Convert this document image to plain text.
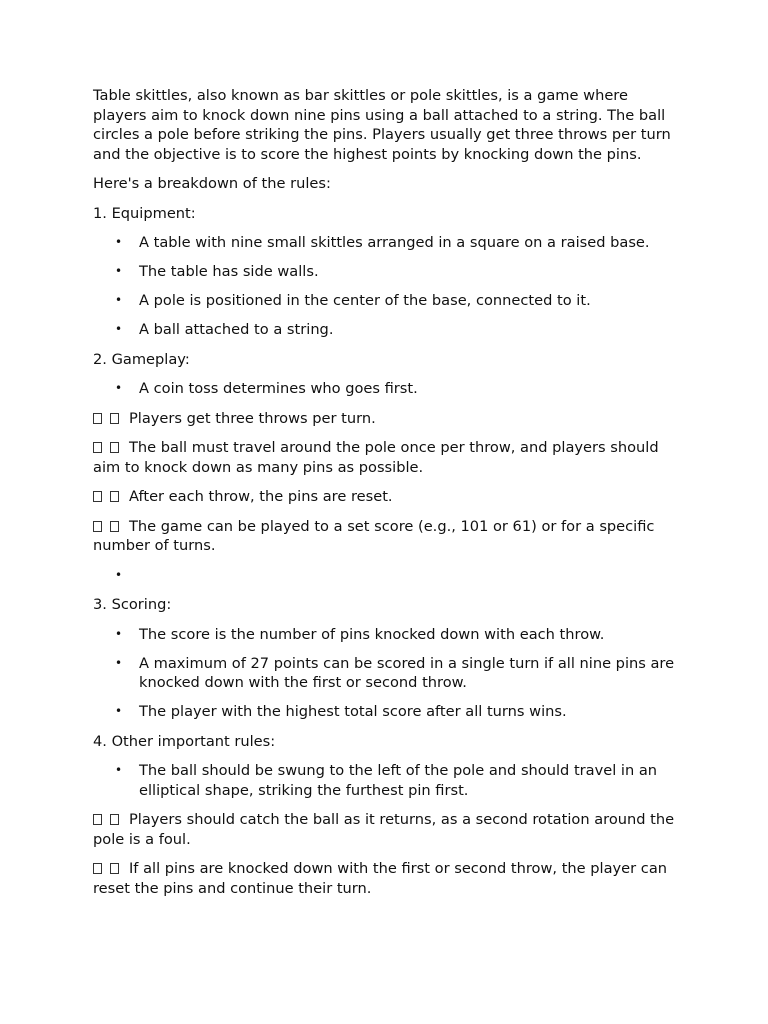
Table skittles, also known as bar skittles or pole skittles, is a game where players aim to knock down nine pins using a ball attached to a string. The ball circles a pole before striking the pins. Players usually get three throws per turn and the objective is to score the highest points by knocking down the pins.

Here's a breakdown of the rules:

1. Equipment:

• A table with nine small skittles arranged in a square on a raised base.
• The table has side walls.
• A pole is positioned in the center of the base, connected to it.
• A ball attached to a string.

2. Gameplay:

• A coin toss determines who goes first.

Players get three throws per turn.

The ball must travel around the pole once per throw, and players should aim to knock down as many pins as possible.

After each throw, the pins are reset.

The game can be played to a set score (e.g., 101 or 61) or for a specific number of turns.

•

3. Scoring:

• The score is the number of pins knocked down with each throw.
• A maximum of 27 points can be scored in a single turn if all nine pins are knocked down with the first or second throw.
• The player with the highest total score after all turns wins.

4. Other important rules:

• The ball should be swung to the left of the pole and should travel in an elliptical shape, striking the furthest pin first.

Players should catch the ball as it returns, as a second rotation around the pole is a foul.

If all pins are knocked down with the first or second throw, the player can reset the pins and continue their turn.
